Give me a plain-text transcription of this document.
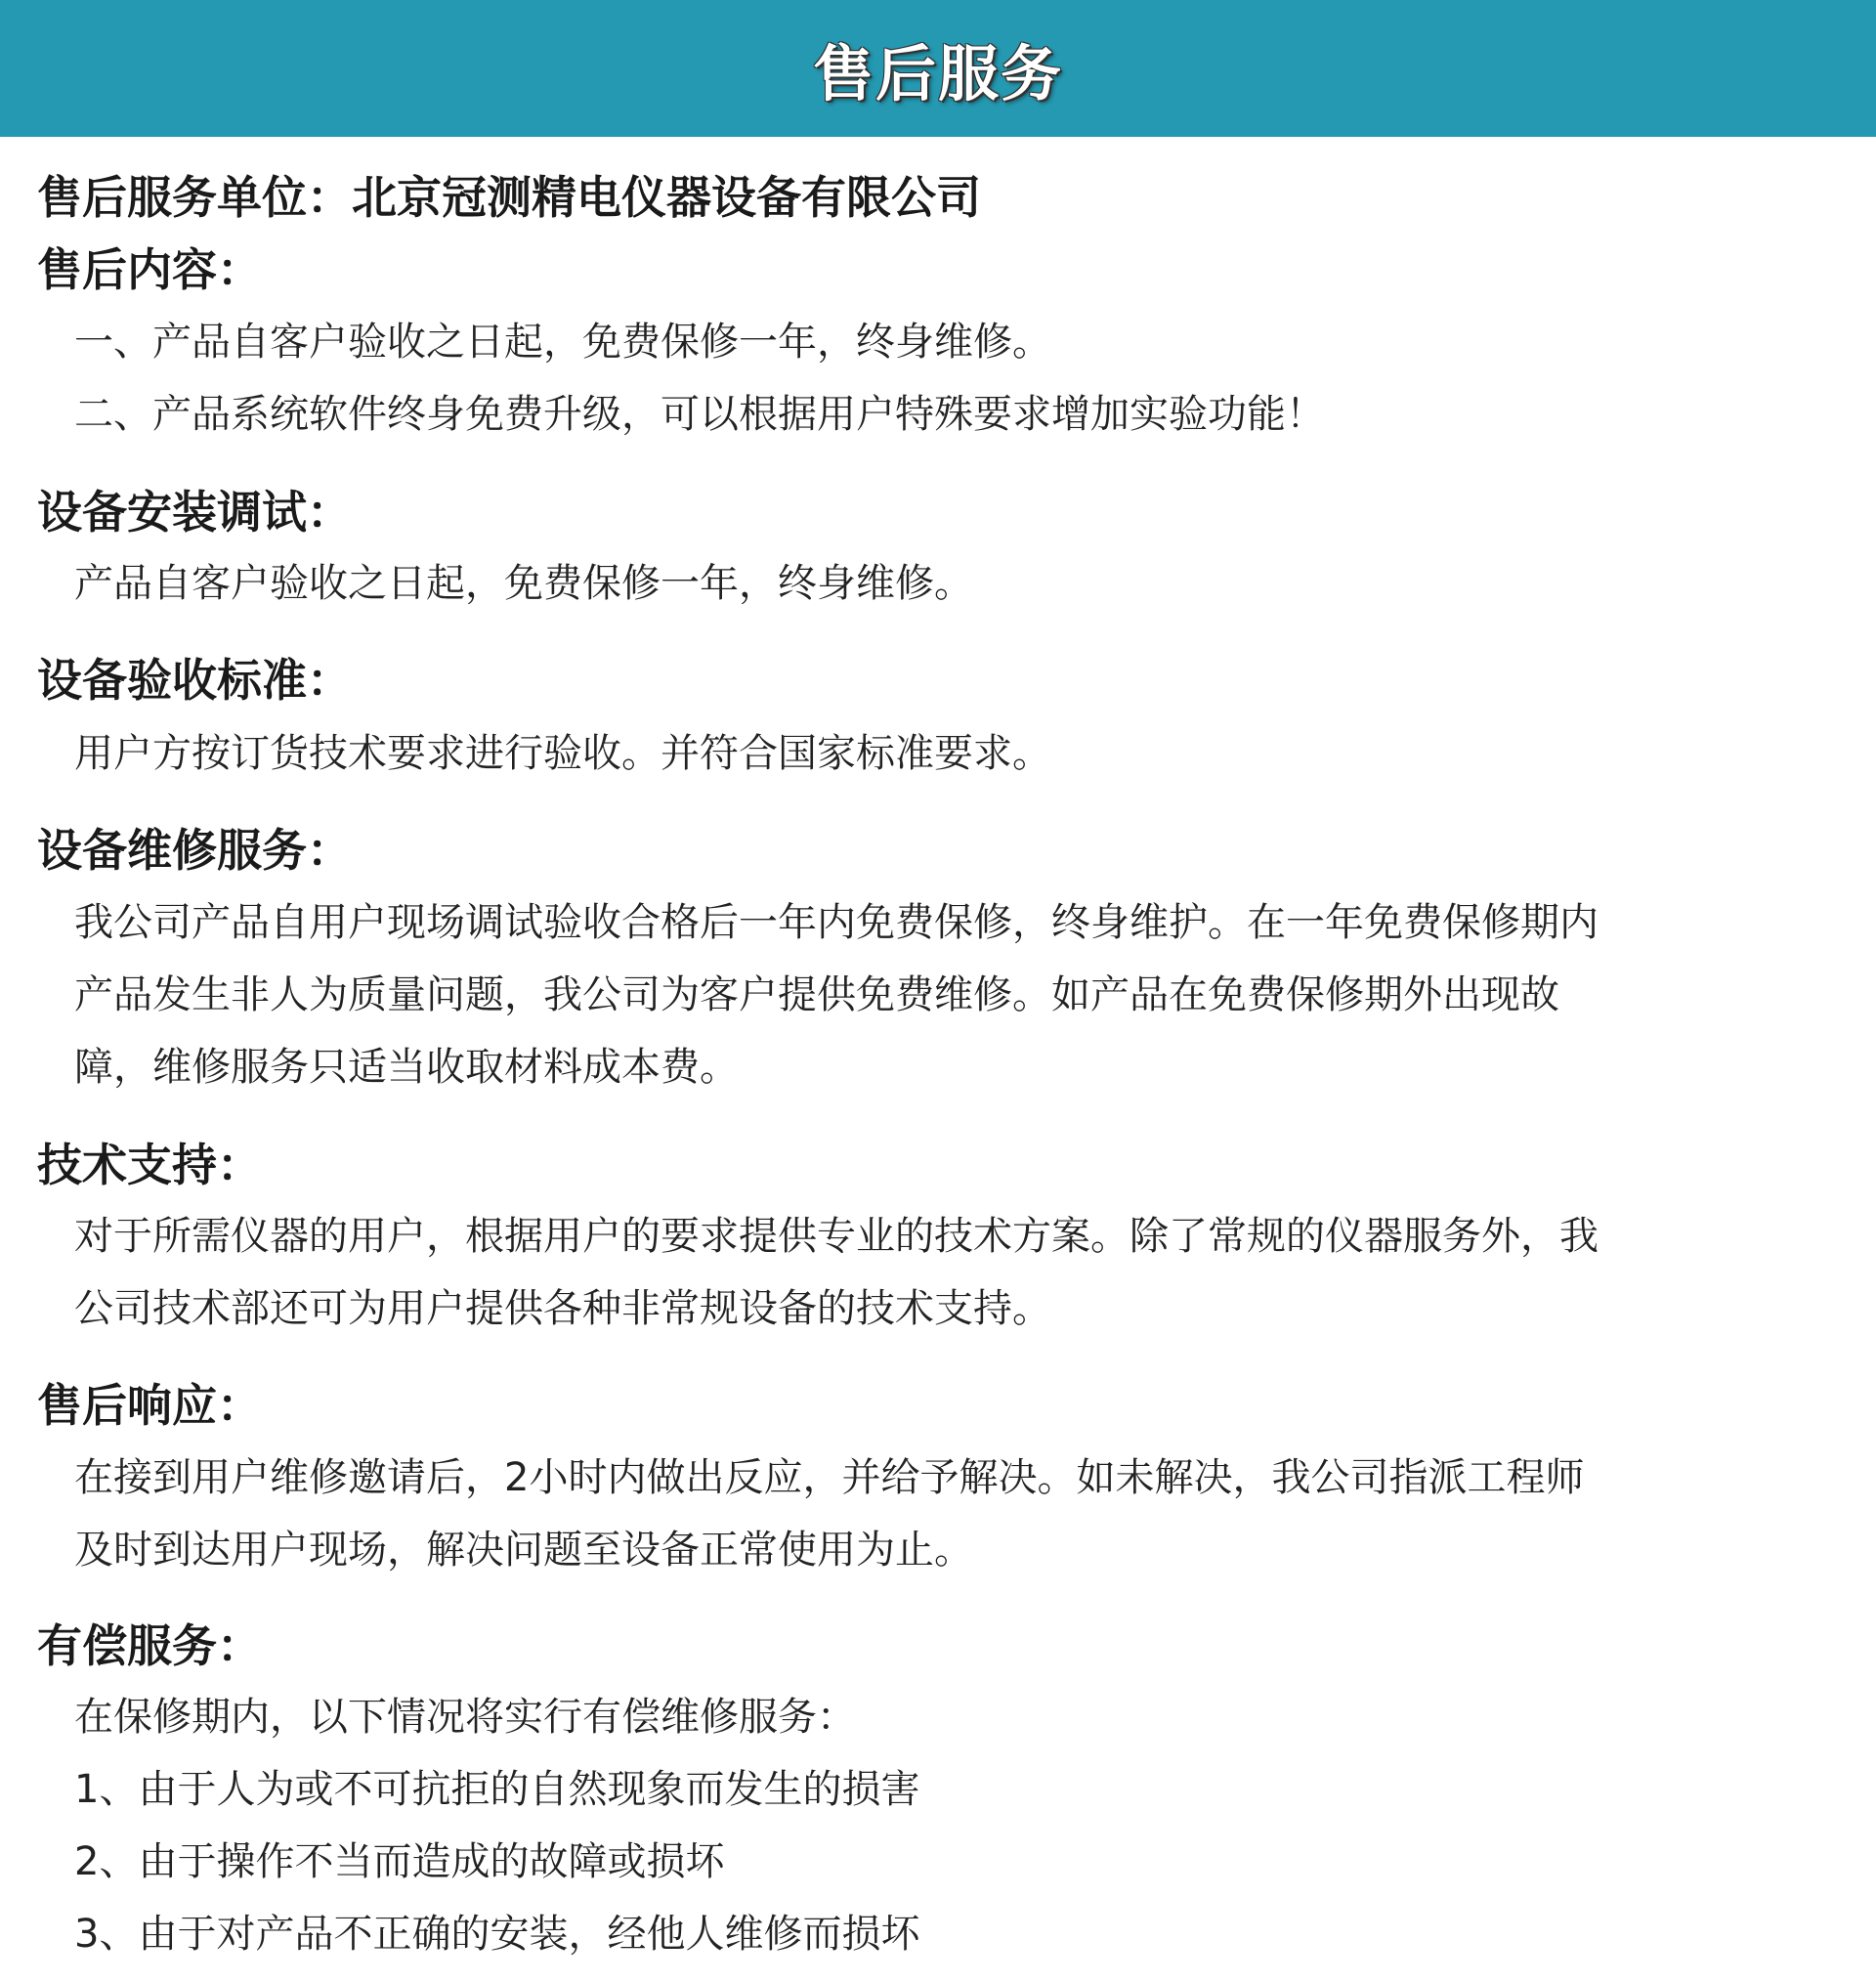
售后服务
售后服务单位：北京冠测精电仪器设备有限公司
售后内容：
一、产品自客户验收之日起，免费保修一年，终身维修。
二、产品系统软件终身免费升级，可以根据用户特殊要求增加实验功能！
设备安装调试：
产品自客户验收之日起，免费保修一年，终身维修。
设备验收标准：
用户方按订货技术要求进行验收。并符合国家标准要求。
设备维修服务：
我公司产品自用户现场调试验收合格后一年内免费保修，终身维护。在一年免费保修期内
产品发生非人为质量问题，我公司为客户提供免费维修。如产品在免费保修期外出现故
障，维修服务只适当收取材料成本费。
技术支持：
对于所需仪器的用户，根据用户的要求提供专业的技术方案。除了常规的仪器服务外，我
公司技术部还可为用户提供各种非常规设备的技术支持。
售后响应：
在接到用户维修邀请后，2小时内做出反应，并给予解决。如未解决，我公司指派工程师
及时到达用户现场，解决问题至设备正常使用为止。
有偿服务：
在保修期内，以下情况将实行有偿维修服务：
1、由于人为或不可抗拒的自然现象而发生的损害
2、由于操作不当而造成的故障或损坏
3、由于对产品不正确的安装，经他人维修而损坏
